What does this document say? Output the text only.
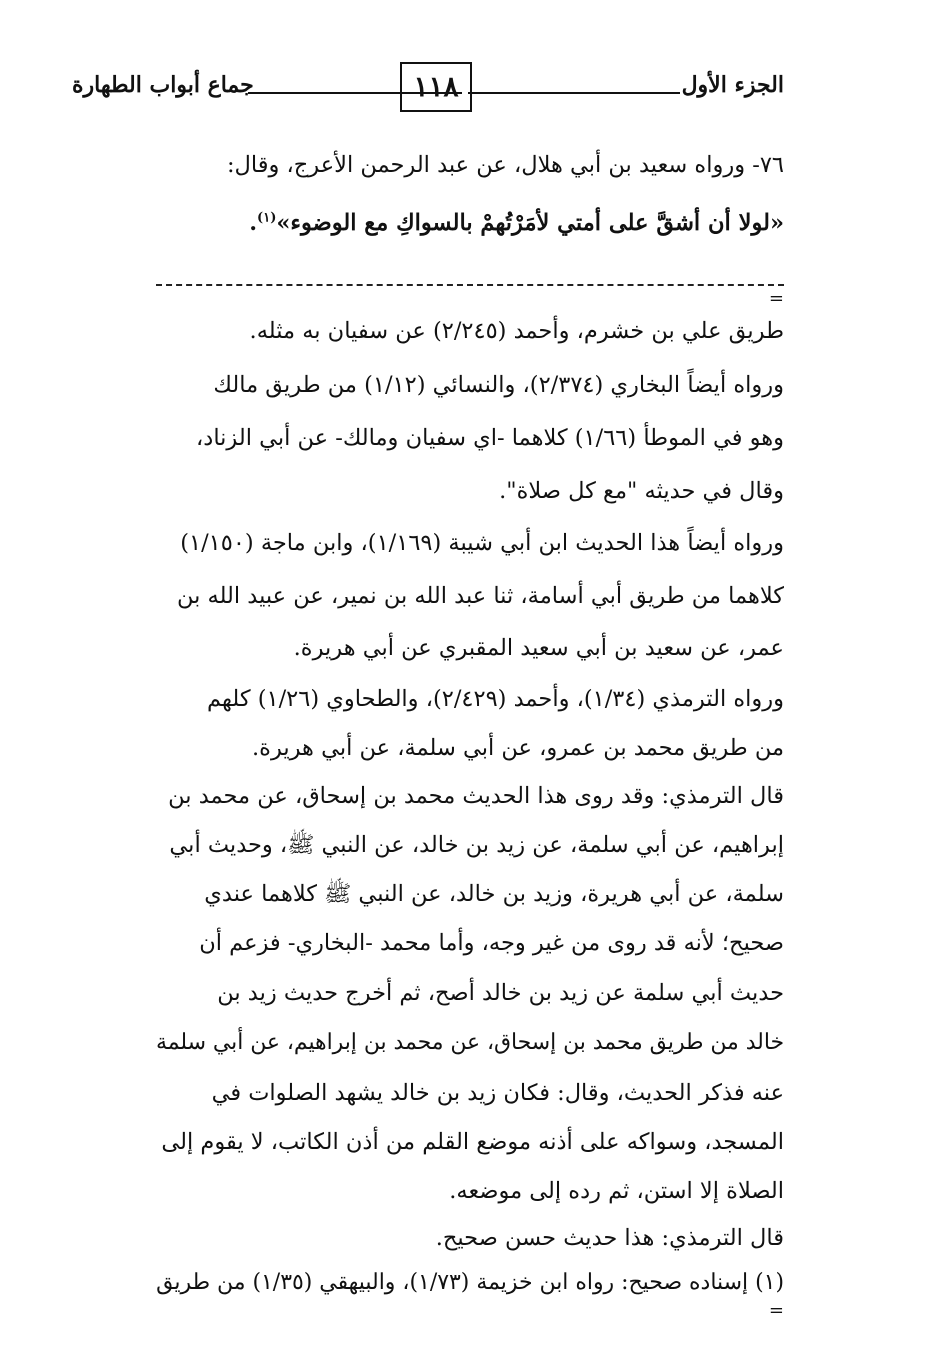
الجزء الأول
١١٨
جماع أبواب الطهارة
٧٦- ورواه سعيد بن أبي هلال، عن عبد الرحمن الأعرج، وقال:
«لولا أن أشقَّ على أمتي لأمَرْتُهمْ بالسواكِ مع الوضوء»$^{(١)}$.
=
طريق علي بن خشرم، وأحمد (٢/٢٤٥) عن سفيان به مثله.
ورواه أيضاً البخاري (٢/٣٧٤)، والنسائي (١/١٢) من طريق مالك
وهو في الموطأ (١/٦٦) كلاهما -اي سفيان ومالك- عن أبي الزناد،
وقال في حديثه "مع كل صلاة".
ورواه أيضاً هذا الحديث ابن أبي شيبة (١/١٦٩)، وابن ماجة (١/١٥٠)
كلاهما من طريق أبي أسامة، ثنا عبد الله بن نمير، عن عبيد الله بن
عمر، عن سعيد بن أبي سعيد المقبري عن أبي هريرة.
ورواه الترمذي (١/٣٤)، وأحمد (٢/٤٢٩)، والطحاوي (١/٢٦) كلهم
من طريق محمد بن عمرو، عن أبي سلمة، عن أبي هريرة.
قال الترمذي: وقد روى هذا الحديث محمد بن إسحاق، عن محمد بن
إبراهيم، عن أبي سلمة، عن زيد بن خالد، عن النبي ﷺ، وحديث أبي
سلمة، عن أبي هريرة، وزيد بن خالد، عن النبي ﷺ كلاهما عندي
صحيح؛ لأنه قد روى من غير وجه، وأما محمد -البخاري- فزعم أن
حديث أبي سلمة عن زيد بن خالد أصح، ثم أخرج حديث زيد بن
خالد من طريق محمد بن إسحاق، عن محمد بن إبراهيم، عن أبي سلمة
عنه فذكر الحديث، وقال: فكان زيد بن خالد يشهد الصلوات في
المسجد، وسواكه على أذنه موضع القلم من أذن الكاتب، لا يقوم إلى
الصلاة إلا استن، ثم رده إلى موضعه.
قال الترمذي: هذا حديث حسن صحيح.
(١) إسناده صحيح: رواه ابن خزيمة (١/٧٣)، والبيهقي (١/٣٥) من طريق
=
